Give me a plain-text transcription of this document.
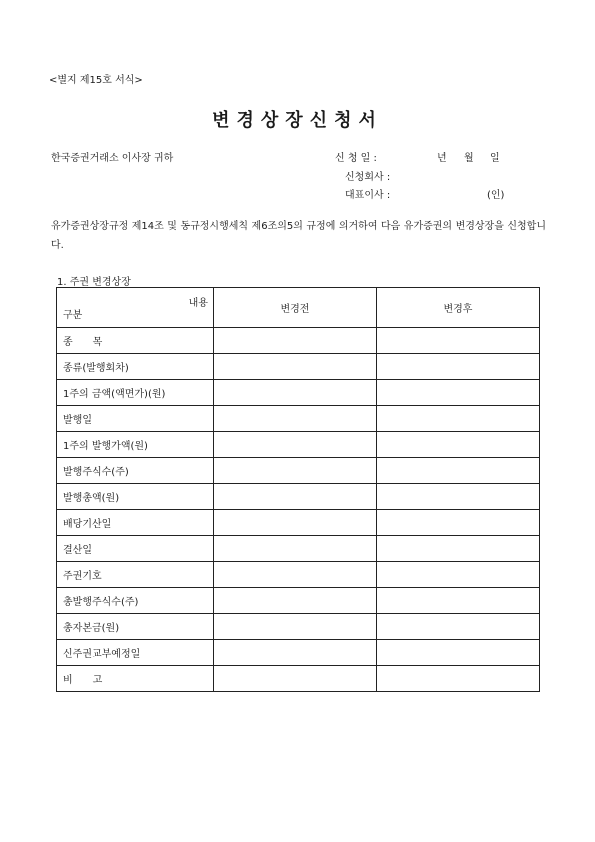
<별지 제15호 서식>
변경상장신청서
한국증권거래소 이사장 귀하	신 청 일 :	년 월 일
신청회사 :
대표이사 :	(인)
유가증권상장규정 제14조 및 동규정시행세칙 제6조의5의 규정에 의거하여 다음 유가증권의 변경상장을 신청합니다.
1. 주권 변경상장
내용
구분	변경전	변경후
종　　목		
종류(발행회차)		
1주의 금액(액면가)(원)		
발행일		
1주의 발행가액(원)		
발행주식수(주)		
발행총액(원)		
배당기산일		
결산일		
주권기호		
총발행주식수(주)		
총자본금(원)		
신주권교부예정일		
비　　고		
